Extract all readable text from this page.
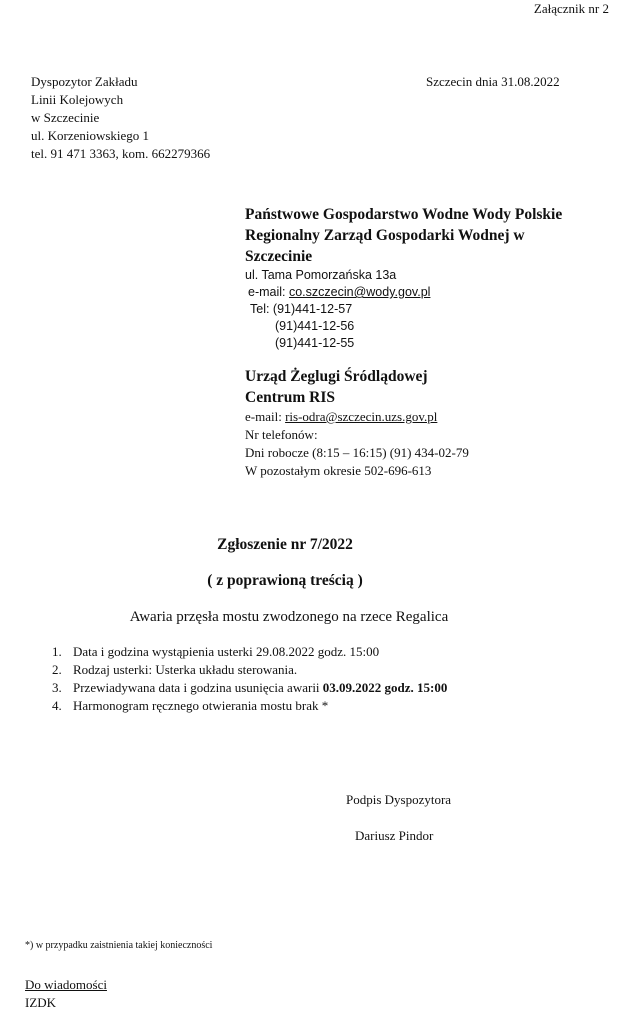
Załącznik nr 2
Dyspozytor Zakładu
Linii Kolejowych
w Szczecinie
ul. Korzeniowskiego 1
tel. 91 471 3363, kom. 662279366
Szczecin dnia 31.08.2022
Państwowe Gospodarstwo Wodne Wody Polskie
Regionalny Zarząd Gospodarki Wodnej w
Szczecinie
ul. Tama Pomorzańska 13a
e-mail: co.szczecin@wody.gov.pl
Tel: (91)441-12-57
(91)441-12-56
(91)441-12-55
Urząd Żeglugi Śródlądowej
Centrum RIS
e-mail: ris-odra@szczecin.uzs.gov.pl
Nr telefonów:
Dni robocze (8:15 – 16:15) (91) 434-02-79
W pozostałym okresie 502-696-613
Zgłoszenie nr 7/2022
( z poprawioną treścią )
Awaria przęsła mostu zwodzonego na rzece Regalica
1. Data i godzina wystąpienia usterki 29.08.2022 godz. 15:00
2. Rodzaj usterki: Usterka układu sterowania.
3. Przewiadywana data i godzina usunięcia awarii 03.09.2022 godz. 15:00
4. Harmonogram ręcznego otwierania mostu brak *
Podpis Dyspozytora
Dariusz Pindor
*) w przypadku zaistnienia takiej konieczności
Do wiadomości
IZDK
